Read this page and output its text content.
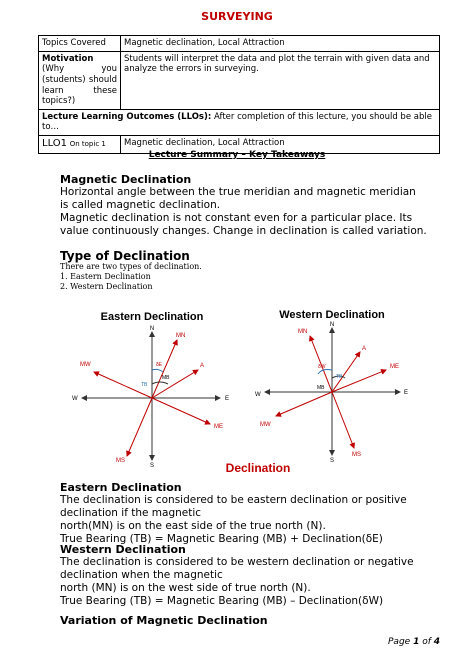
SURVEYING
Topics Covered	Magnetic declination, Local Attraction

Motivation
(Why you (students) should learn these topics?)	Students will interpret the data and plot the terrain with given data and analyze the errors in surveying.
Lecture Learning Outcomes (LLOs): After completion of this lecture, you should be able to…	
LLO1 On topic 1	Magnetic declination, Local Attraction
Lecture Summary – Key Takeaways
Magnetic Declination
Horizontal angle between the true meridian and magnetic meridian is called magnetic declination.
Magnetic declination is not constant even for a particular place. Its value continuously changes. Change in declination is called variation.
Type of Declination
There are two types of declination.
1. Eastern Declination
2. Western Declination
Eastern Declination
N
S
E
W
MN
MS
ME
MW	A
TB
MB
δE
Western Declination
N
S
E
W
MN
MS
ME
MW
A
TB
MB
δW
Declination
Eastern Declination
The declination is considered to be eastern declination or positive declination if the magnetic
north(MN) is on the east side of the true north (N).
True Bearing (TB) = Magnetic Bearing (MB) + Declination(δE)
Western Declination
The declination is considered to be western declination or negative declination when the magnetic
north (MN) is on the west side of true north (N).
True Bearing (TB) = Magnetic Bearing (MB) – Declination(δW)
Variation of Magnetic Declination
Page 1 of 4
